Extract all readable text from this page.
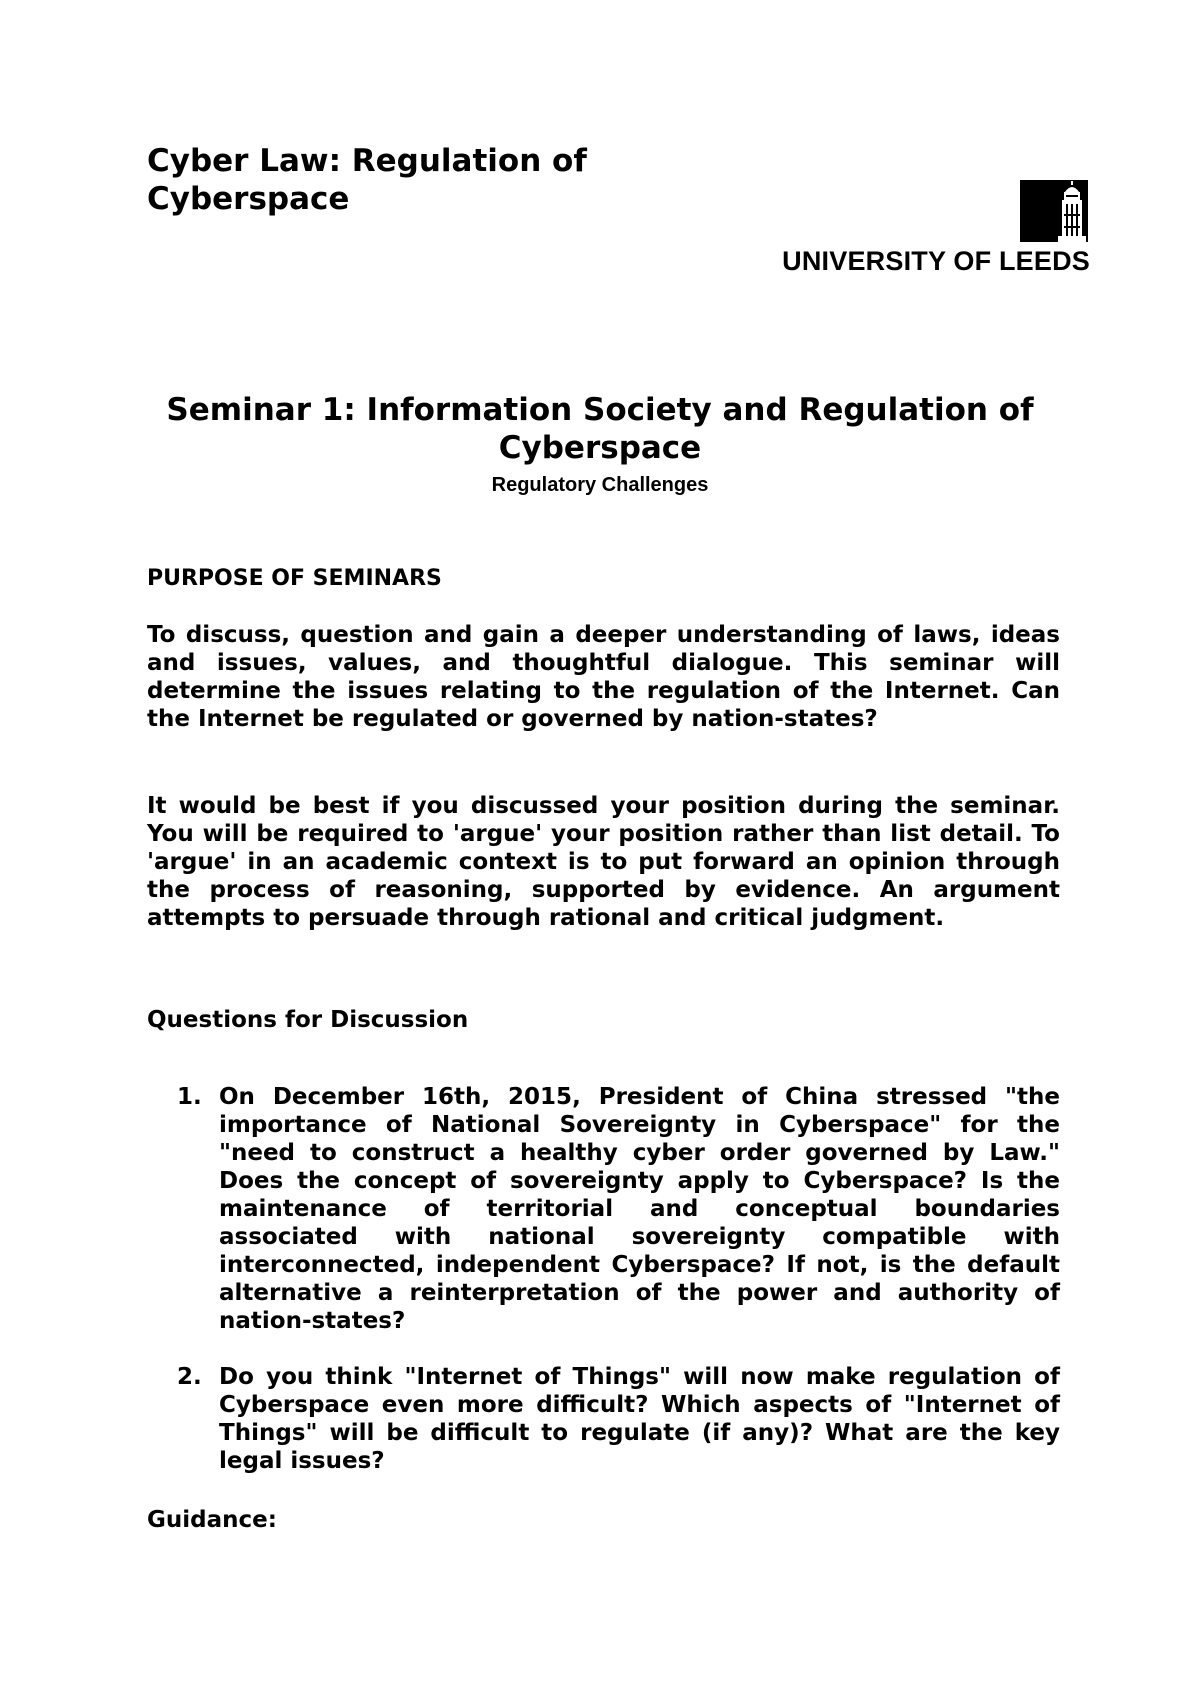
Cyber Law: Regulation of Cyberspace
UNIVERSITY OF LEEDS
Seminar 1: Information Society and Regulation of Cyberspace
Regulatory Challenges
PURPOSE OF SEMINARS

To discuss, question and gain a deeper understanding of laws, ideas and issues, values, and thoughtful dialogue. This seminar will determine the issues relating to the regulation of the Internet. Can the Internet be regulated or governed by nation-states?

It would be best if you discussed your position during the seminar. You will be required to 'argue' your position rather than list detail. To 'argue' in an academic context is to put forward an opinion through the process of reasoning, supported by evidence. An argument attempts to persuade through rational and critical judgment.

Questions for Discussion
1. On December 16th, 2015, President of China stressed "the importance of National Sovereignty in Cyberspace" for the "need to construct a healthy cyber order governed by Law." Does the concept of sovereignty apply to Cyberspace? Is the maintenance of territorial and conceptual boundaries associated with national sovereignty compatible with interconnected, independent Cyberspace? If not, is the default alternative a reinterpretation of the power and authority of nation-states?
2. Do you think "Internet of Things" will now make regulation of Cyberspace even more difficult? Which aspects of "Internet of Things" will be difficult to regulate (if any)? What are the key legal issues?
Guidance:
